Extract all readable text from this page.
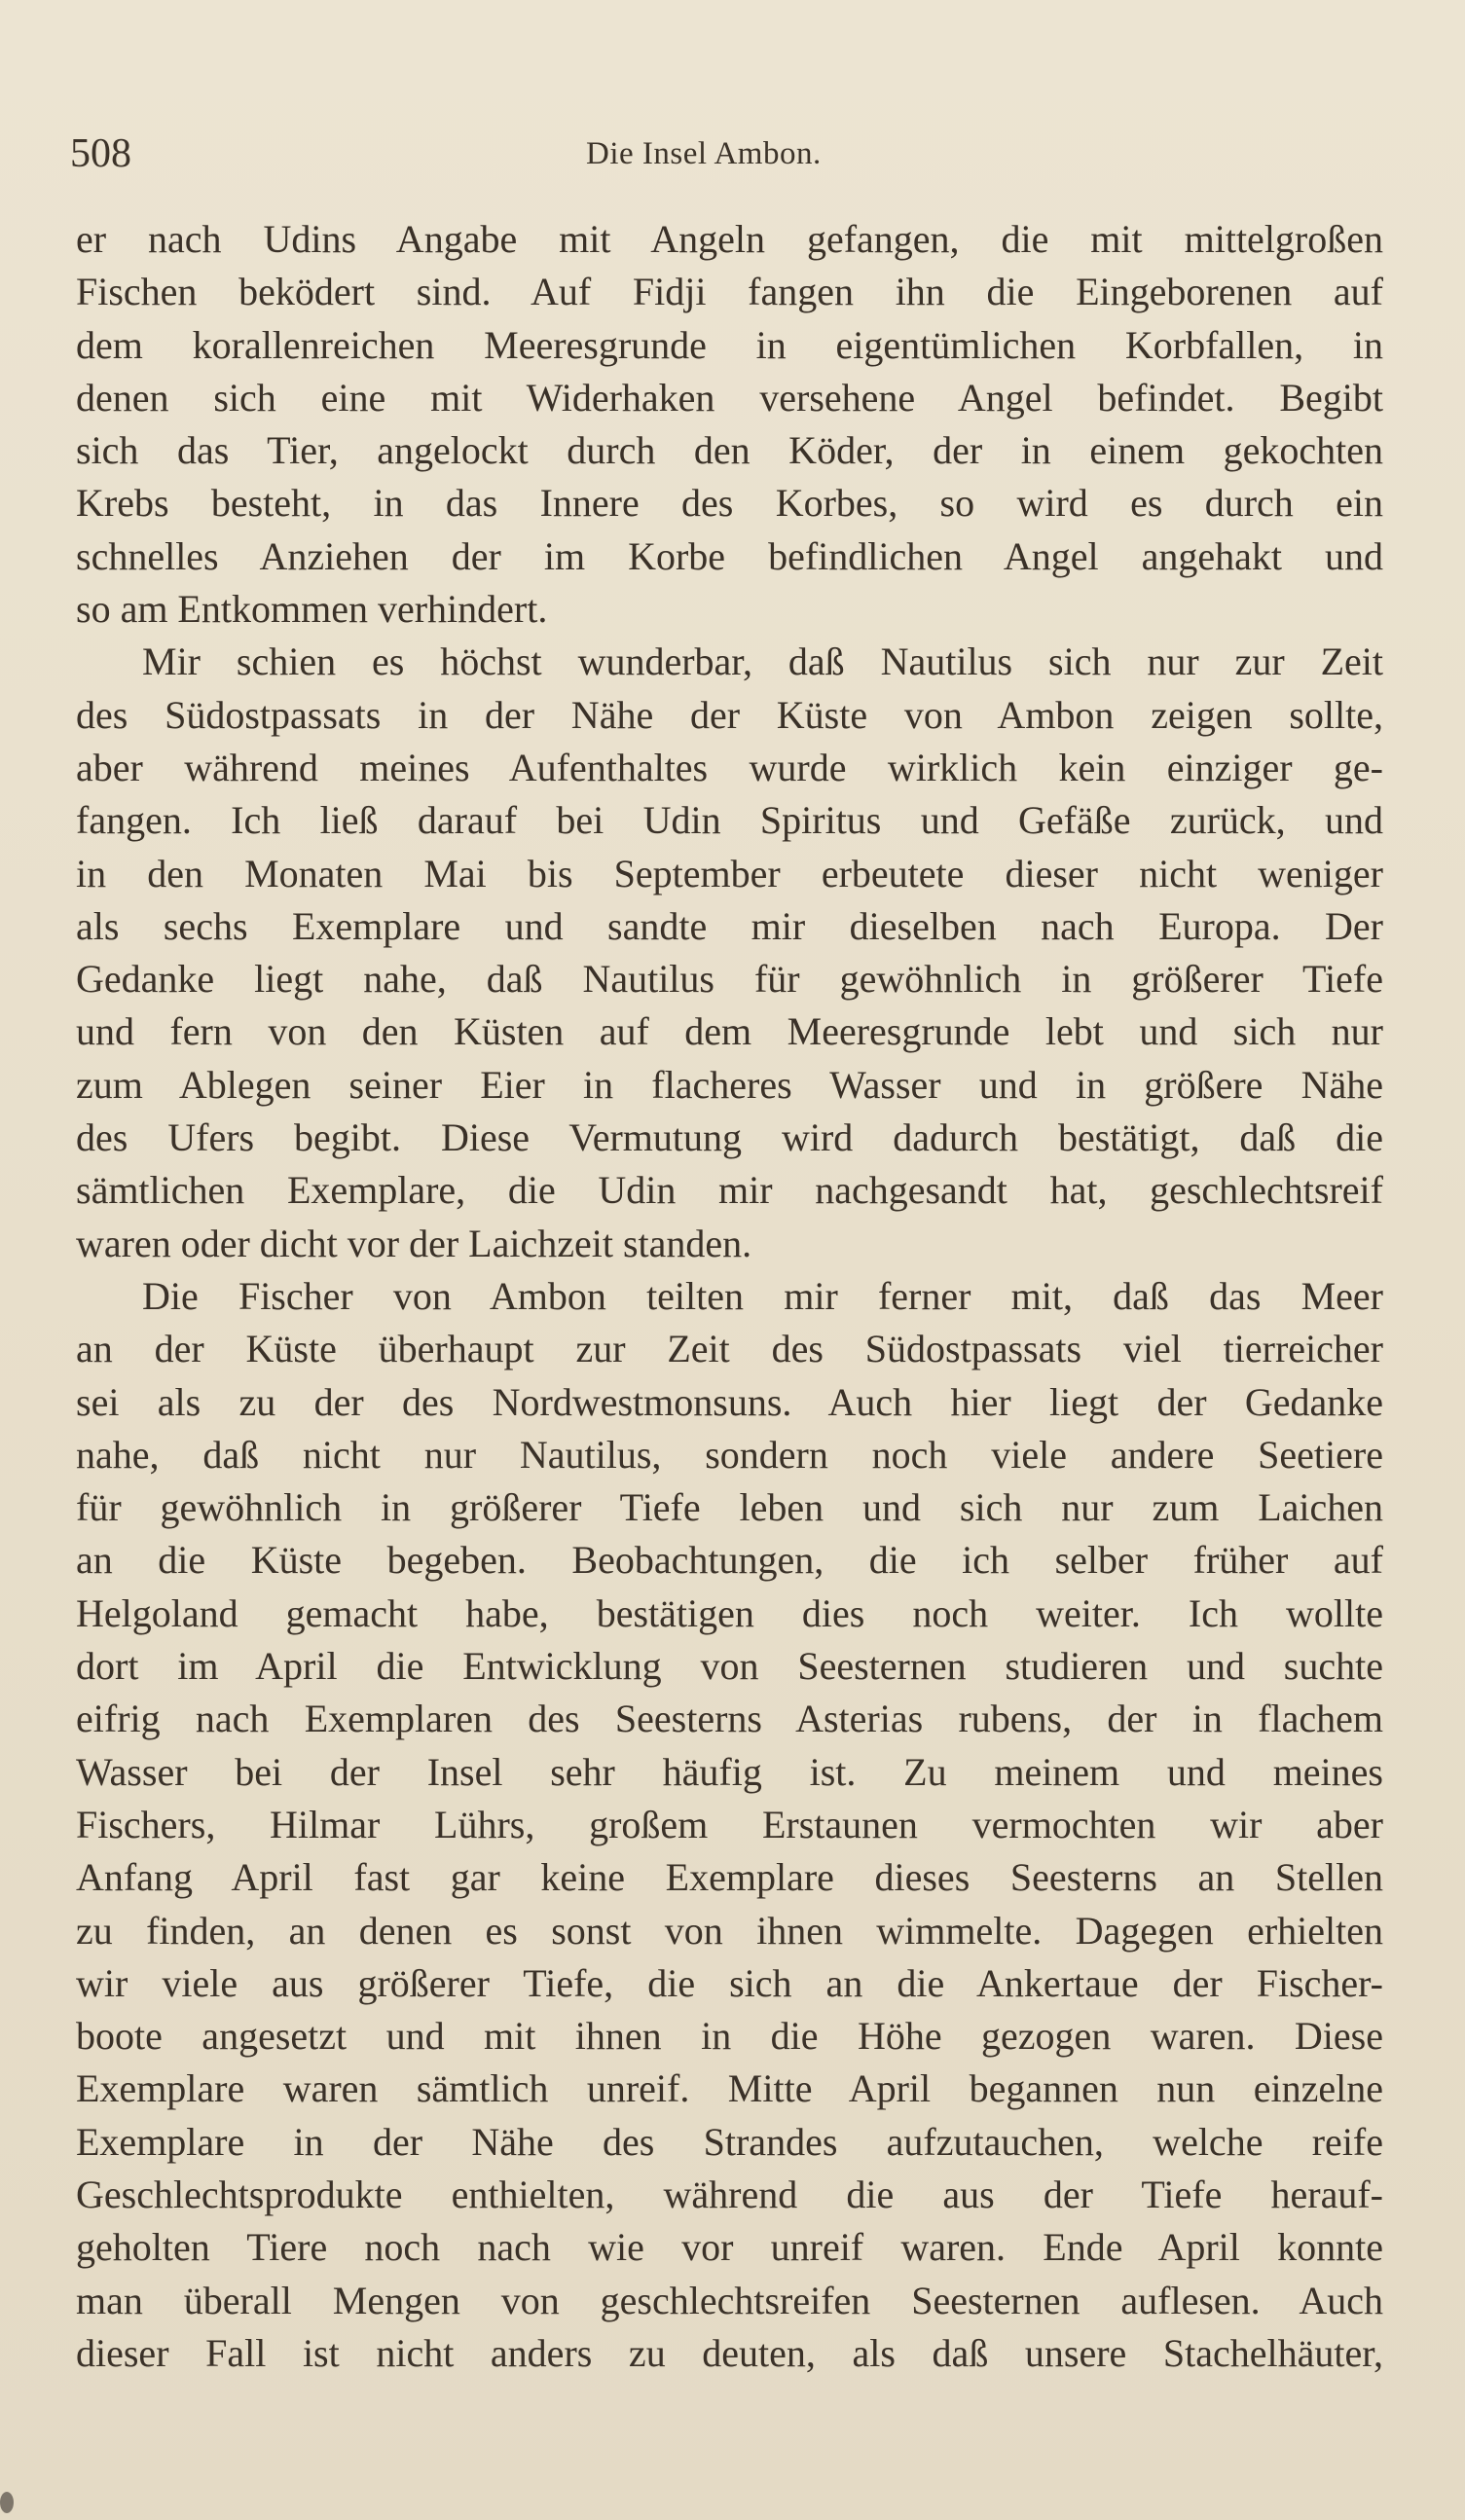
508	Die Insel Ambon.
er nach Udins Angabe mit Angeln gefangen, die mit mittelgroßen
Fischen beködert sind. Auf Fidji fangen ihn die Eingeborenen auf
dem korallenreichen Meeresgrunde in eigentümlichen Korbfallen, in
denen sich eine mit Widerhaken versehene Angel befindet. Begibt
sich das Tier, angelockt durch den Köder, der in einem gekochten
Krebs besteht, in das Innere des Korbes, so wird es durch ein
schnelles Anziehen der im Korbe befindlichen Angel angehakt und
so am Entkommen verhindert.
Mir schien es höchst wunderbar, daß Nautilus sich nur zur Zeit
des Südostpassats in der Nähe der Küste von Ambon zeigen sollte,
aber während meines Aufenthaltes wurde wirklich kein einziger ge-
fangen. Ich ließ darauf bei Udin Spiritus und Gefäße zurück, und
in den Monaten Mai bis September erbeutete dieser nicht weniger
als sechs Exemplare und sandte mir dieselben nach Europa. Der
Gedanke liegt nahe, daß Nautilus für gewöhnlich in größerer Tiefe
und fern von den Küsten auf dem Meeresgrunde lebt und sich nur
zum Ablegen seiner Eier in flacheres Wasser und in größere Nähe
des Ufers begibt. Diese Vermutung wird dadurch bestätigt, daß die
sämtlichen Exemplare, die Udin mir nachgesandt hat, geschlechtsreif
waren oder dicht vor der Laichzeit standen.
Die Fischer von Ambon teilten mir ferner mit, daß das Meer
an der Küste überhaupt zur Zeit des Südostpassats viel tierreicher
sei als zu der des Nordwestmonsuns. Auch hier liegt der Gedanke
nahe, daß nicht nur Nautilus, sondern noch viele andere Seetiere
für gewöhnlich in größerer Tiefe leben und sich nur zum Laichen
an die Küste begeben. Beobachtungen, die ich selber früher auf
Helgoland gemacht habe, bestätigen dies noch weiter. Ich wollte
dort im April die Entwicklung von Seesternen studieren und suchte
eifrig nach Exemplaren des Seesterns Asterias rubens, der in flachem
Wasser bei der Insel sehr häufig ist. Zu meinem und meines
Fischers, Hilmar Lührs, großem Erstaunen vermochten wir aber
Anfang April fast gar keine Exemplare dieses Seesterns an Stellen
zu finden, an denen es sonst von ihnen wimmelte. Dagegen erhielten
wir viele aus größerer Tiefe, die sich an die Ankertaue der Fischer-
boote angesetzt und mit ihnen in die Höhe gezogen waren. Diese
Exemplare waren sämtlich unreif. Mitte April begannen nun einzelne
Exemplare in der Nähe des Strandes aufzutauchen, welche reife
Geschlechtsprodukte enthielten, während die aus der Tiefe herauf-
geholten Tiere noch nach wie vor unreif waren. Ende April konnte
man überall Mengen von geschlechtsreifen Seesternen auflesen. Auch
dieser Fall ist nicht anders zu deuten, als daß unsere Stachelhäuter,
